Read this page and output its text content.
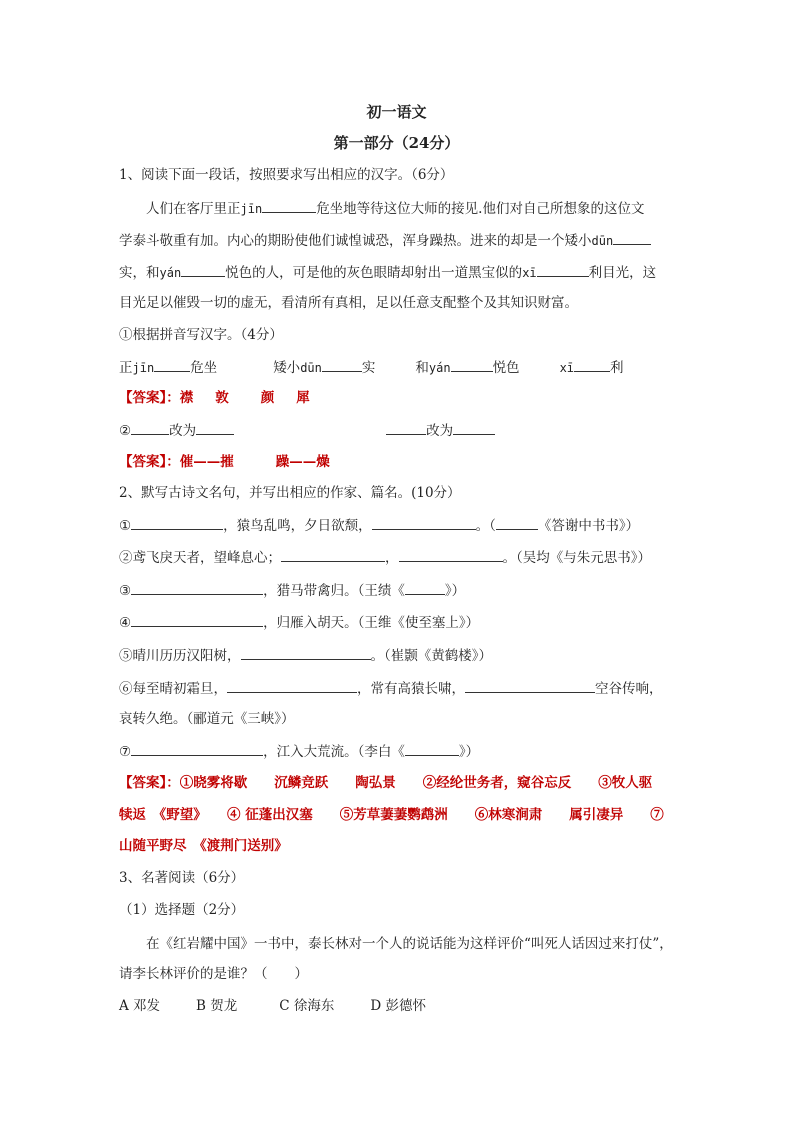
初一语文
第一部分（24分）
1、阅读下面一段话，按照要求写出相应的汉字。（6分）
人们在客厅里正jīn	危坐地等待这位大师的接见.他们对自己所想象的这位文
学泰斗敬重有加。内心的期盼使他们诚惶诚恐，浑身躁热。进来的却是一个矮小dūn
实，和yán	悦色的人，可是他的灰色眼睛却射出一道黑宝似的xī	利目光，这
目光足以催毁一切的虚无，看清所有真相，足以任意支配整个及其知识财富。
①根据拼音写汉字。（4分）
正jīn	危坐	矮小dūn	实	和yán	悦色	xī	利
【答案】：襟 敦 颜 犀
②	改为	改为
【答案】：催——摧	躁——燥
2、默写古诗文名句，并写出相应的作家、篇名。(10分）
①	，猿鸟乱鸣，夕日欲颓，	。（	《答谢中书书》）
②鸢飞戾天者，望峰息心；	，	。（吴均《与朱元思书》）
③	，猎马带禽归。（王绩《	》）
④	，归雁入胡天。（王维《使至塞上》）
⑤晴川历历汉阳树，	。（崔颢《黄鹤楼》）
⑥每至晴初霜旦，	，常有高猿长啸，	空谷传响，
哀转久绝。（郦道元《三峡》）
⑦	，江入大荒流。（李白《	》）
【答案】：①晓雾将歇　　沉鳞竞跃　　陶弘景　　②经纶世务者，窥谷忘反　　③牧人驱
犊返　《野望》　　④ 征蓬出汉塞　　⑤芳草萋萋鹦鹉洲　　⑥林寒涧肃　　属引凄异　　⑦
山随平野尽　《渡荆门送别》
3、名著阅读（6分）
（1）选择题（2分）
在《红岩耀中国》一书中，泰长林对一个人的说话能为这样评价“叫死人话因过来打仗”，
请李长林评价的是谁？（　　）
A 邓发	B 贺龙	C 徐海东	D 彭德怀
